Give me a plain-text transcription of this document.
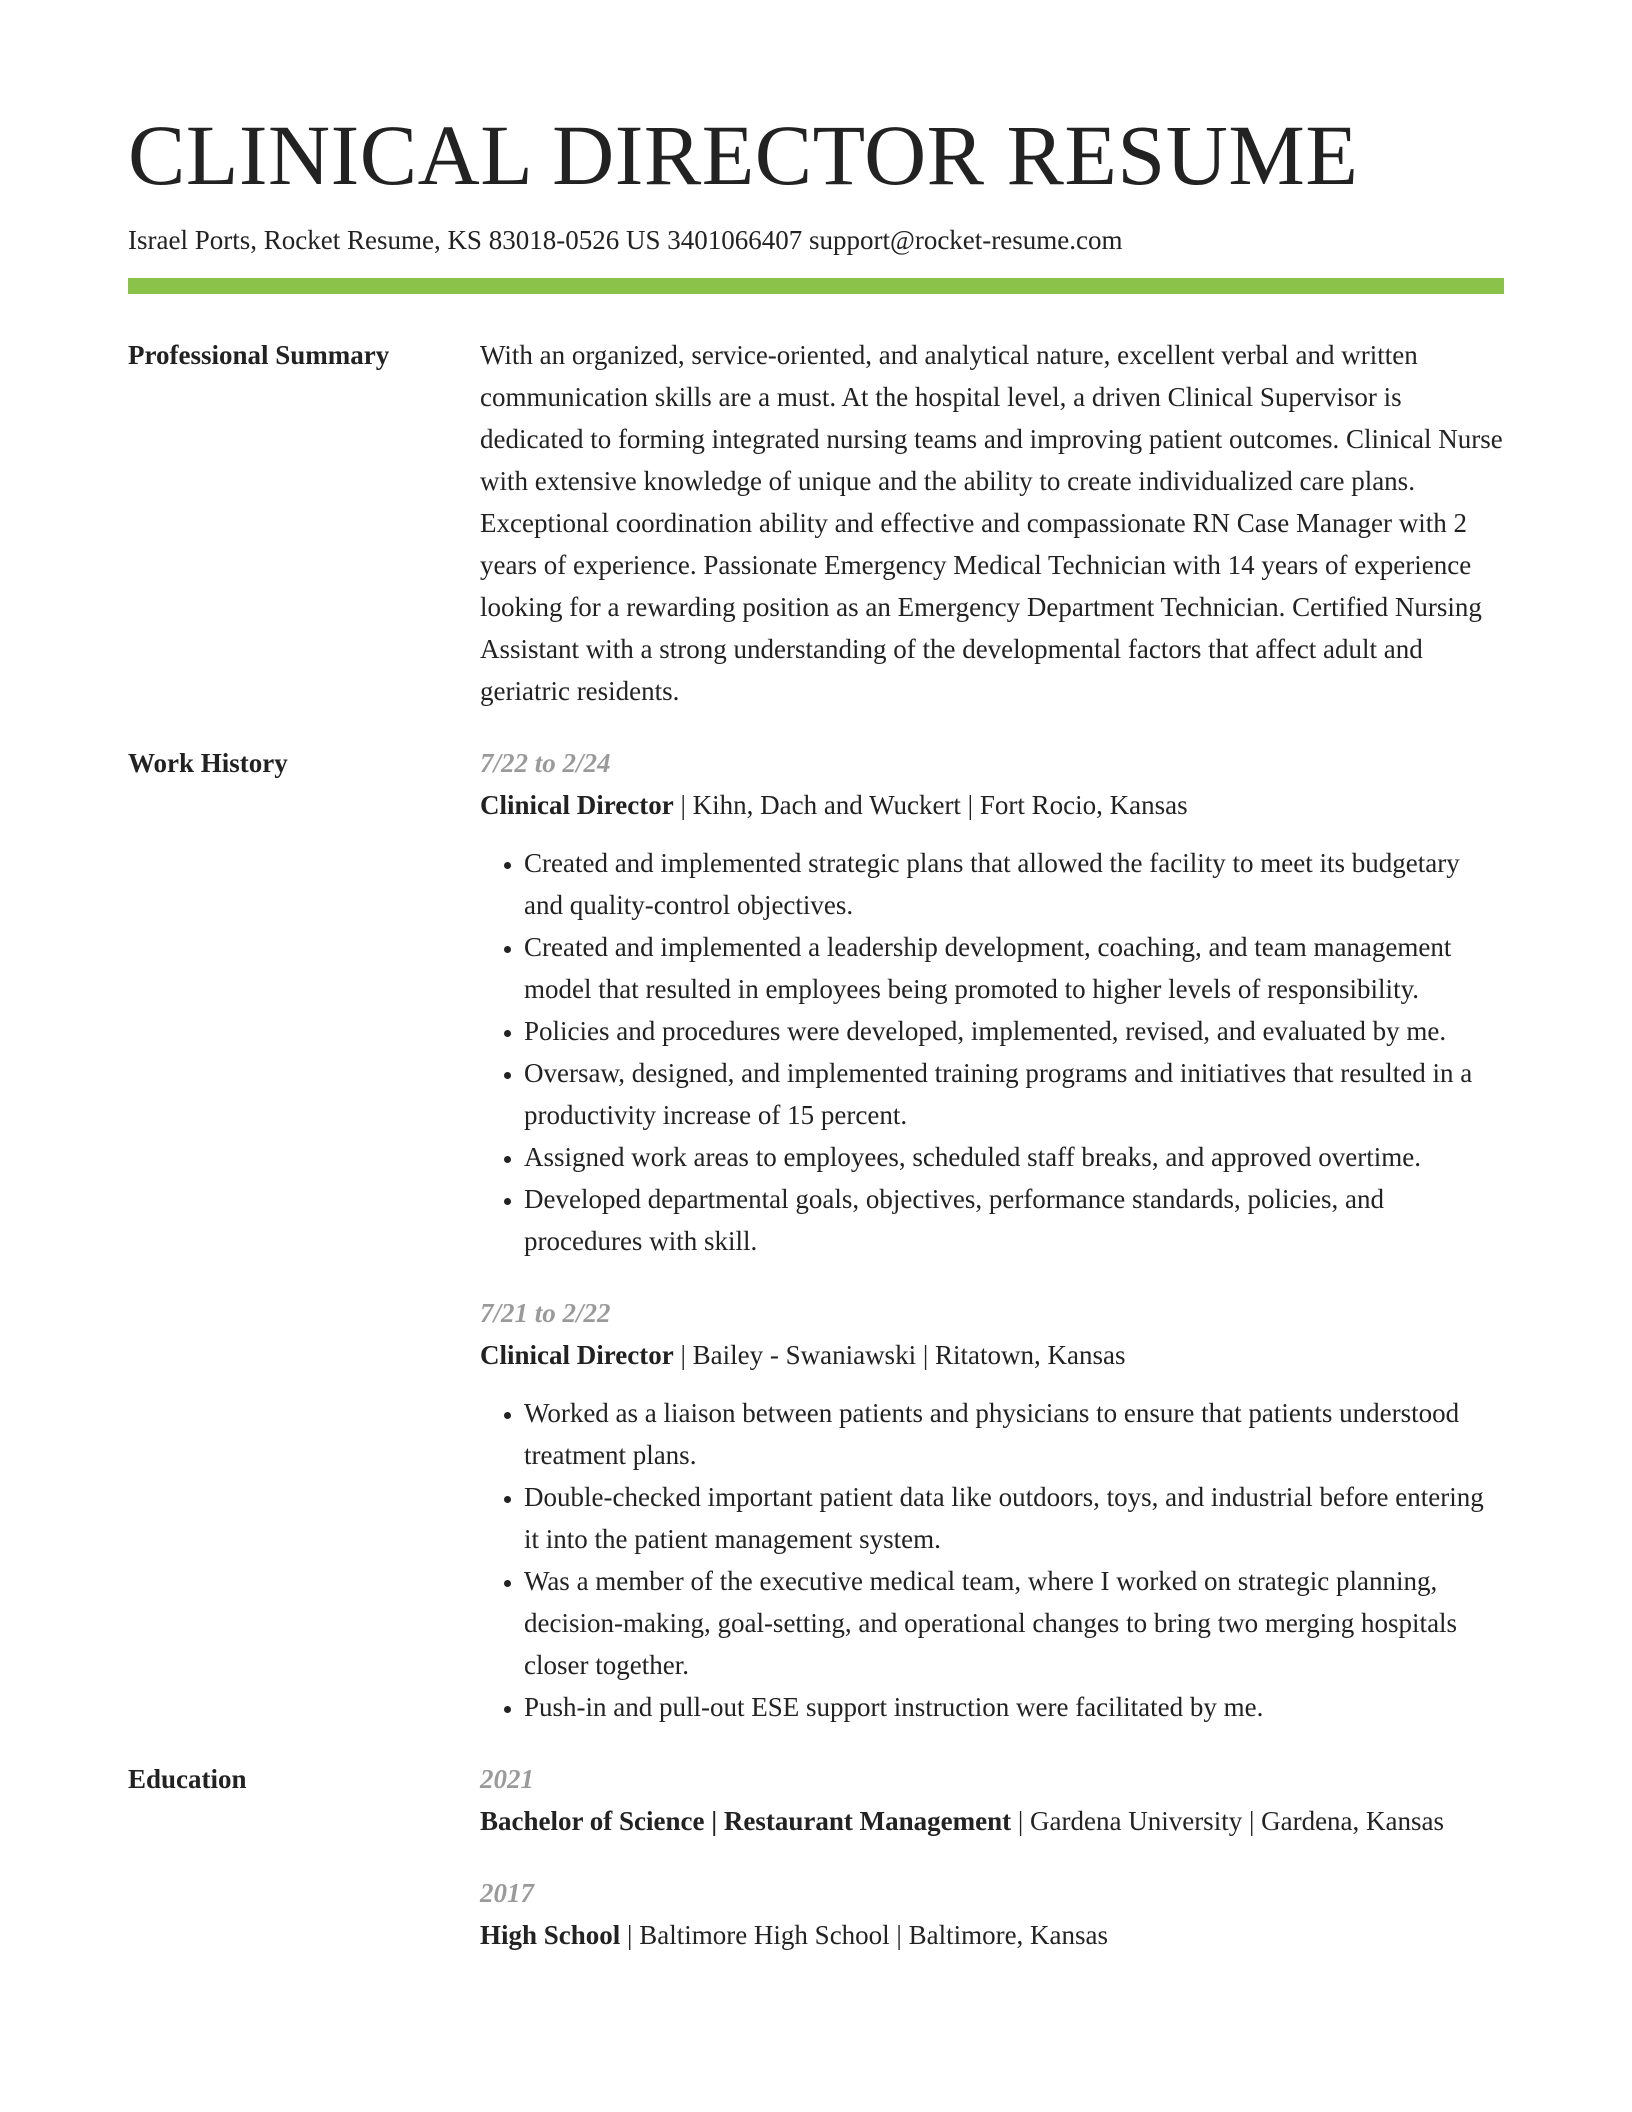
CLINICAL DIRECTOR RESUME
Israel Ports, Rocket Resume, KS 83018-0526 US 3401066407 support@rocket-resume.com
Professional Summary	With an organized, service-oriented, and analytical nature, excellent verbal and written communication skills are a must. At the hospital level, a driven Clinical Supervisor is dedicated to forming integrated nursing teams and improving patient outcomes. Clinical Nurse with extensive knowledge of unique and the ability to create individualized care plans. Exceptional coordination ability and effective and compassionate RN Case Manager with 2 years of experience. Passionate Emergency Medical Technician with 14 years of experience looking for a rewarding position as an Emergency Department Technician. Certified Nursing Assistant with a strong understanding of the developmental factors that affect adult and geriatric residents.

Work History	7/22 to 2/24
Clinical Director | Kihn, Dach and Wuckert | Fort Rocio, Kansas
• Created and implemented strategic plans that allowed the facility to meet its budgetary and quality-control objectives.
• Created and implemented a leadership development, coaching, and team management model that resulted in employees being promoted to higher levels of responsibility.
• Policies and procedures were developed, implemented, revised, and evaluated by me.
• Oversaw, designed, and implemented training programs and initiatives that resulted in a productivity increase of 15 percent.
• Assigned work areas to employees, scheduled staff breaks, and approved overtime.
• Developed departmental goals, objectives, performance standards, policies, and procedures with skill.
7/21 to 2/22
Clinical Director | Bailey - Swaniawski | Ritatown, Kansas
• Worked as a liaison between patients and physicians to ensure that patients understood treatment plans.
• Double-checked important patient data like outdoors, toys, and industrial before entering it into the patient management system.
• Was a member of the executive medical team, where I worked on strategic planning, decision-making, goal-setting, and operational changes to bring two merging hospitals closer together.
• Push-in and pull-out ESE support instruction were facilitated by me.
Education	2021
Bachelor of Science | Restaurant Management | Gardena University | Gardena, Kansas
2017
High School | Baltimore High School | Baltimore, Kansas
